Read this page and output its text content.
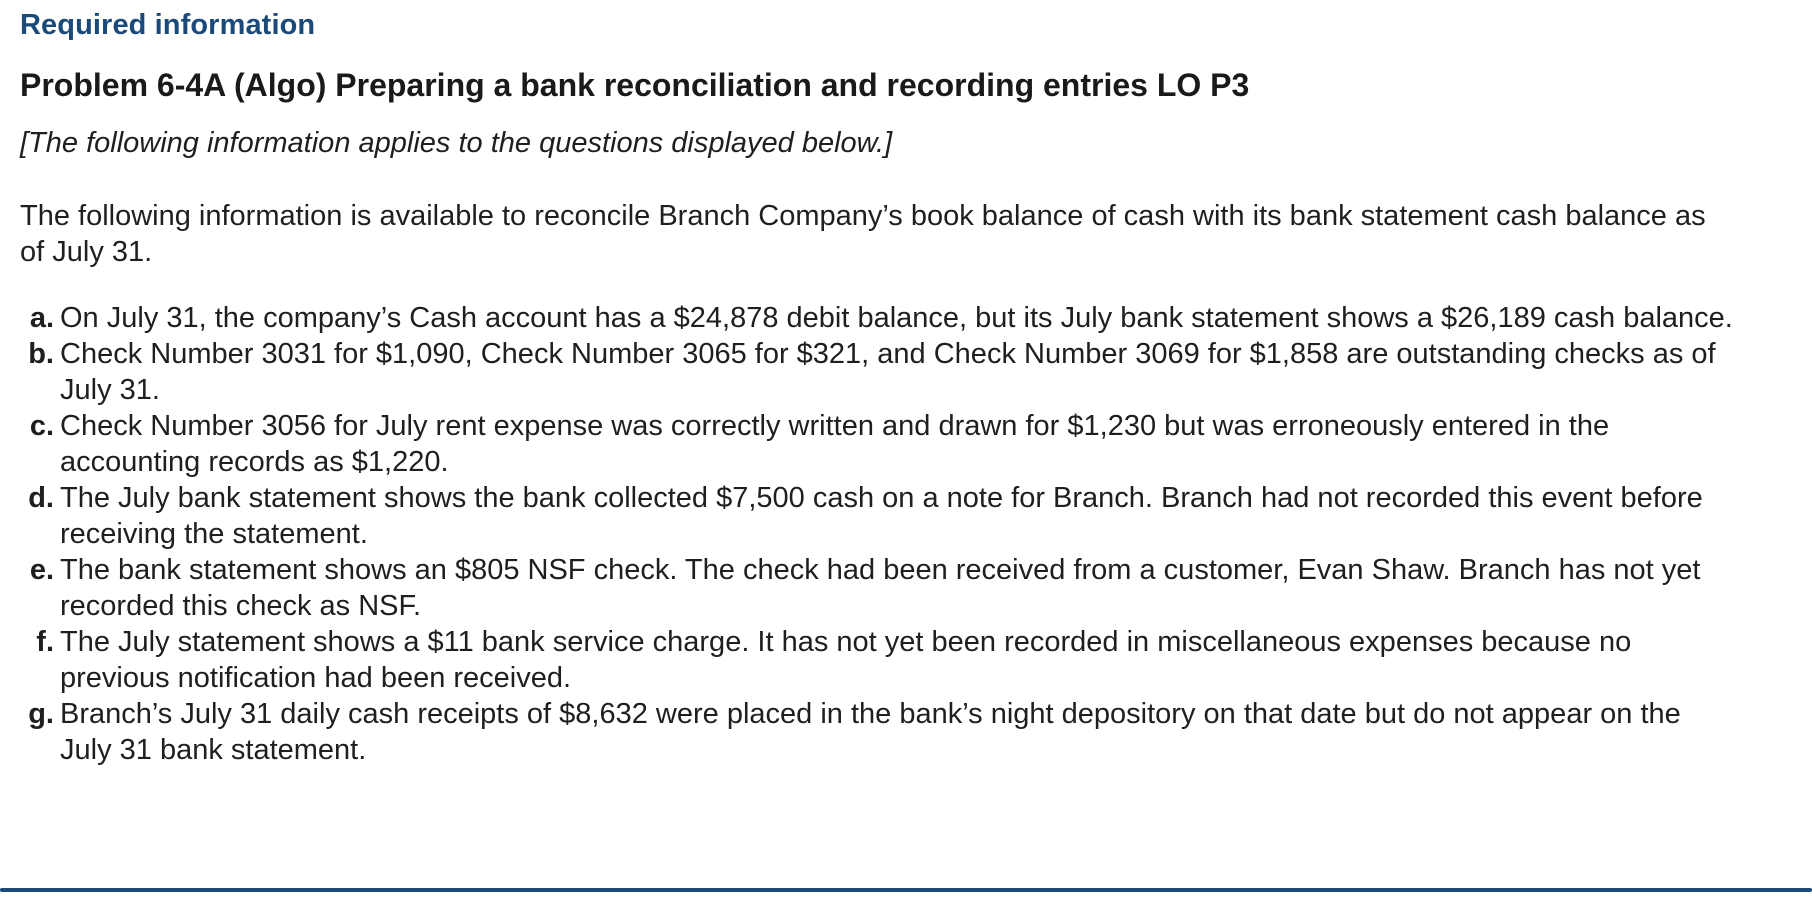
Required information
Problem 6-4A (Algo) Preparing a bank reconciliation and recording entries LO P3
[The following information applies to the questions displayed below.]
The following information is available to reconcile Branch Company’s book balance of cash with its bank statement cash balance as of July 31.
a. On July 31, the company’s Cash account has a $24,878 debit balance, but its July bank statement shows a $26,189 cash balance.
b. Check Number 3031 for $1,090, Check Number 3065 for $321, and Check Number 3069 for $1,858 are outstanding checks as of July 31.
c. Check Number 3056 for July rent expense was correctly written and drawn for $1,230 but was erroneously entered in the accounting records as $1,220.
d. The July bank statement shows the bank collected $7,500 cash on a note for Branch. Branch had not recorded this event before receiving the statement.
e. The bank statement shows an $805 NSF check. The check had been received from a customer, Evan Shaw. Branch has not yet recorded this check as NSF.
f. The July statement shows a $11 bank service charge. It has not yet been recorded in miscellaneous expenses because no previous notification had been received.
g. Branch’s July 31 daily cash receipts of $8,632 were placed in the bank’s night depository on that date but do not appear on the July 31 bank statement.
